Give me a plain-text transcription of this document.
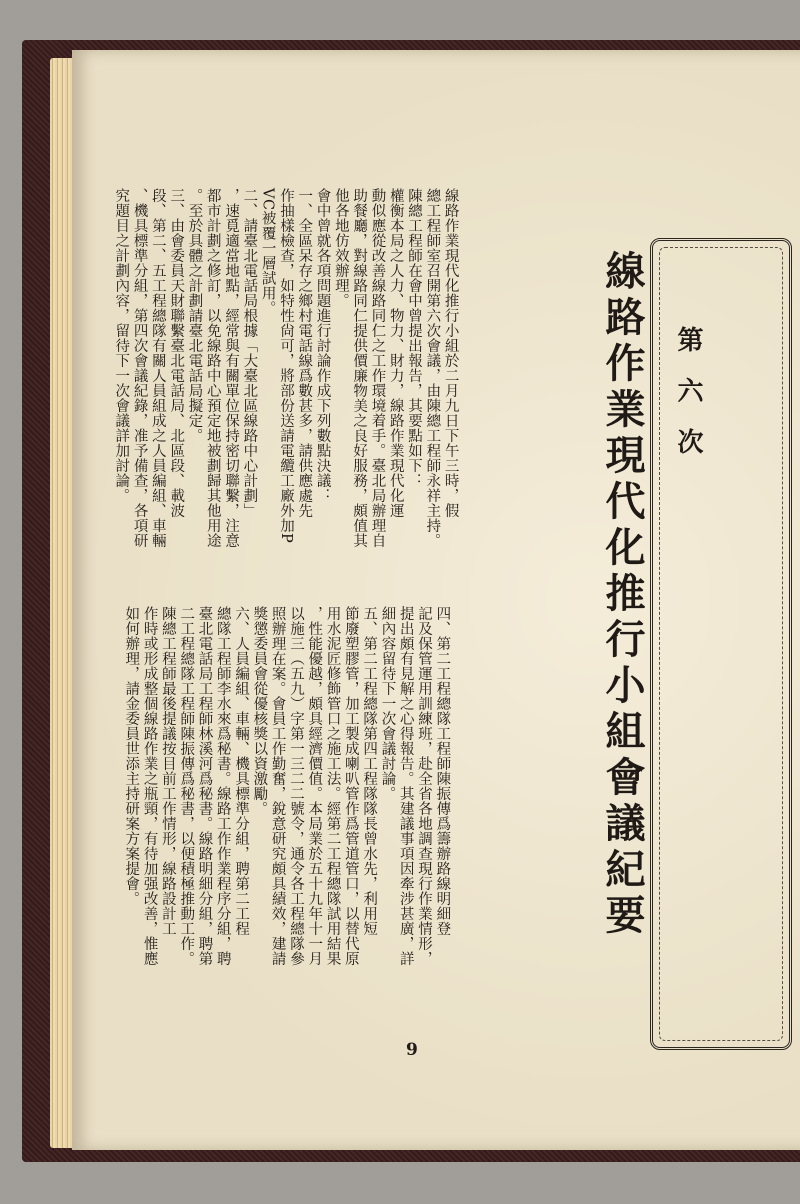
第 六 次
線路作業現代化推行小組會議紀要
線路作業現代化推行小組於二月九日下午三時，假
總工程師室召開第六次會議，由陳總工程師永祥主持。
陳總工程師在會中曾提出報告，其要點如下：
權衡本局之人力、物力、財力，線路作業現代化運
動似應從改善線路同仁之工作環境着手。臺北局辦理自
助餐廳，對線路同仁提供價廉物美之良好服務，頗值其
他各地仿效辦理。
會中曾就各項問題進行討論作成下列數點決議：
一、全區呆存之鄉村電話線爲數甚多，請供應處先
作抽樣檢查，如特性尙可，將部份送請電纜工廠外加P
VC被覆一層試用。
二、請臺北電話局根據「大臺北區線路中心計劃」
，速覓適當地點，經常與有關單位保持密切聯繫，注意
都市計劃之修訂，以免線路中心預定地被劃歸其他用途
。至於具體之計劃請臺北電話局擬定。
三、由會委員天財聯繫臺北電話局、北區段、載波
段、第二、五工程總隊有關人員組成之人員編組、車輛
、機具標準分組，第四次會議紀錄，准予備查，各項研
究題目之計劃內容，留待下一次會議詳加討論。
四、第二工程總隊工程師陳振傳爲籌辦路線明細登
記及保管運用訓練班，赴全省各地調查現行作業情形，
提出頗有見解之心得報告。其建議事項因牽涉甚廣，詳
細內容留待下一次會議討論。
五、第二工程總隊第四工程隊隊長曾水先，利用短
節廢塑膠管，加工製成喇叭管作爲管道管口，以替代原
用水泥匠修飾管口之施工法。經第二工程總隊試用結果
，性能優越，頗具經濟價值。本局業於五十九年十一月
以施三（五九）字第一三二二號令，通令各工程總隊參
照辦理在案。會員工作勤奮，銳意研究頗具績效，建請
獎懲委員會從優核獎以資激勵。
六、人員編組、車輛、機具標準分組，聘第二工程
總隊工程師李水來爲秘書。線路工作作業程序分組，聘
臺北電話局工程師林溪河爲秘書。線路明細分組，聘第
二工程總隊工程師陳振傳爲秘書，以便積極推動工作。
陳總工程師最後提議按目前工作情形，線路設計工
作時或形成整個線路作業之瓶頸，有待加强改善，惟應
如何辦理，請金委員世添主持研案方案提會。
9
